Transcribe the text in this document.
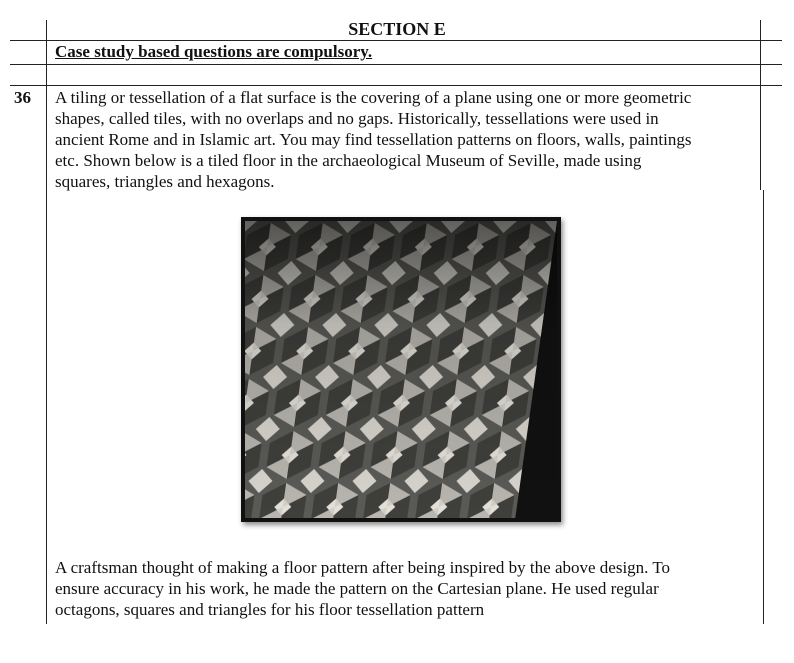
SECTION E
Case study based questions are compulsory.
36 A tiling or tessellation of a flat surface is the covering of a plane using one or more geometric
shapes, called tiles, with no overlaps and no gaps. Historically, tessellations were used in
ancient Rome and in Islamic art. You may find tessellation patterns on floors, walls, paintings
etc. Shown below is a tiled floor in the archaeological Museum of Seville, made using
squares, triangles and hexagons.
A craftsman thought of making a floor pattern after being inspired by the above design. To
ensure accuracy in his work, he made the pattern on the Cartesian plane. He used regular
octagons, squares and triangles for his floor tessellation pattern
